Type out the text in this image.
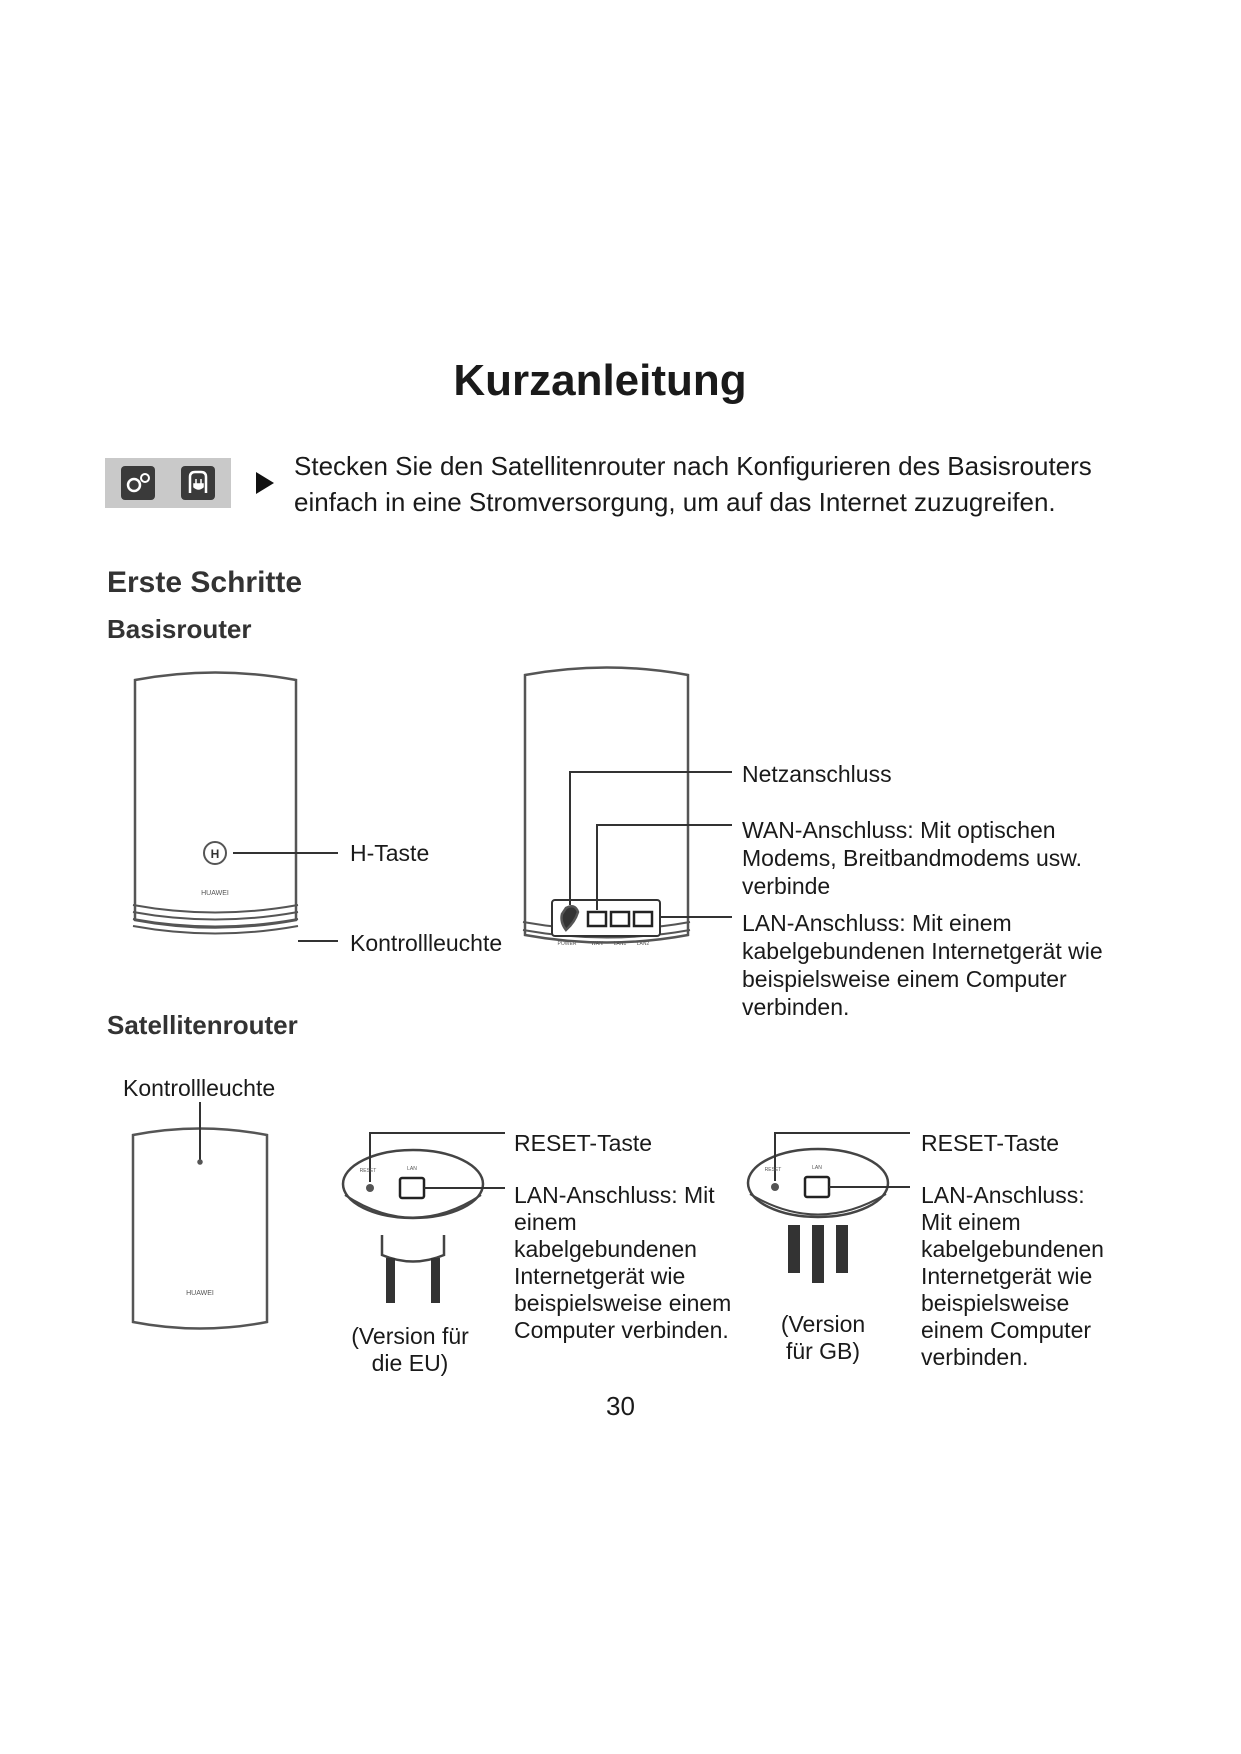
Kurzanleitung
Stecken Sie den Satellitenrouter nach Konfigurieren des Basisrouters einfach in eine Stromversorgung, um auf das Internet zuzugreifen.
Erste Schritte
Basisrouter
Satellitenrouter
H
HUAWEI
POWER	WAN LAN1 LAN2
HUAWEI
RESET	LAN	RESET	LAN
H-Taste
Kontrollleuchte
Netzanschluss
WAN-Anschluss: Mit optischen Modems, Breitbandmodems usw. verbinde
LAN-Anschluss: Mit einem kabelgebundenen Internetgerät wie beispielsweise einem Computer verbinden.
Kontrollleuchte
RESET-Taste
LAN-Anschluss: Mit einem kabelgebundenen Internetgerät wie beispielsweise einem Computer verbinden.
(Version für die EU)
RESET-Taste
LAN-Anschluss: Mit einem kabelgebundenen Internetgerät wie beispielsweise einem Computer verbinden.
(Version für GB)
30
